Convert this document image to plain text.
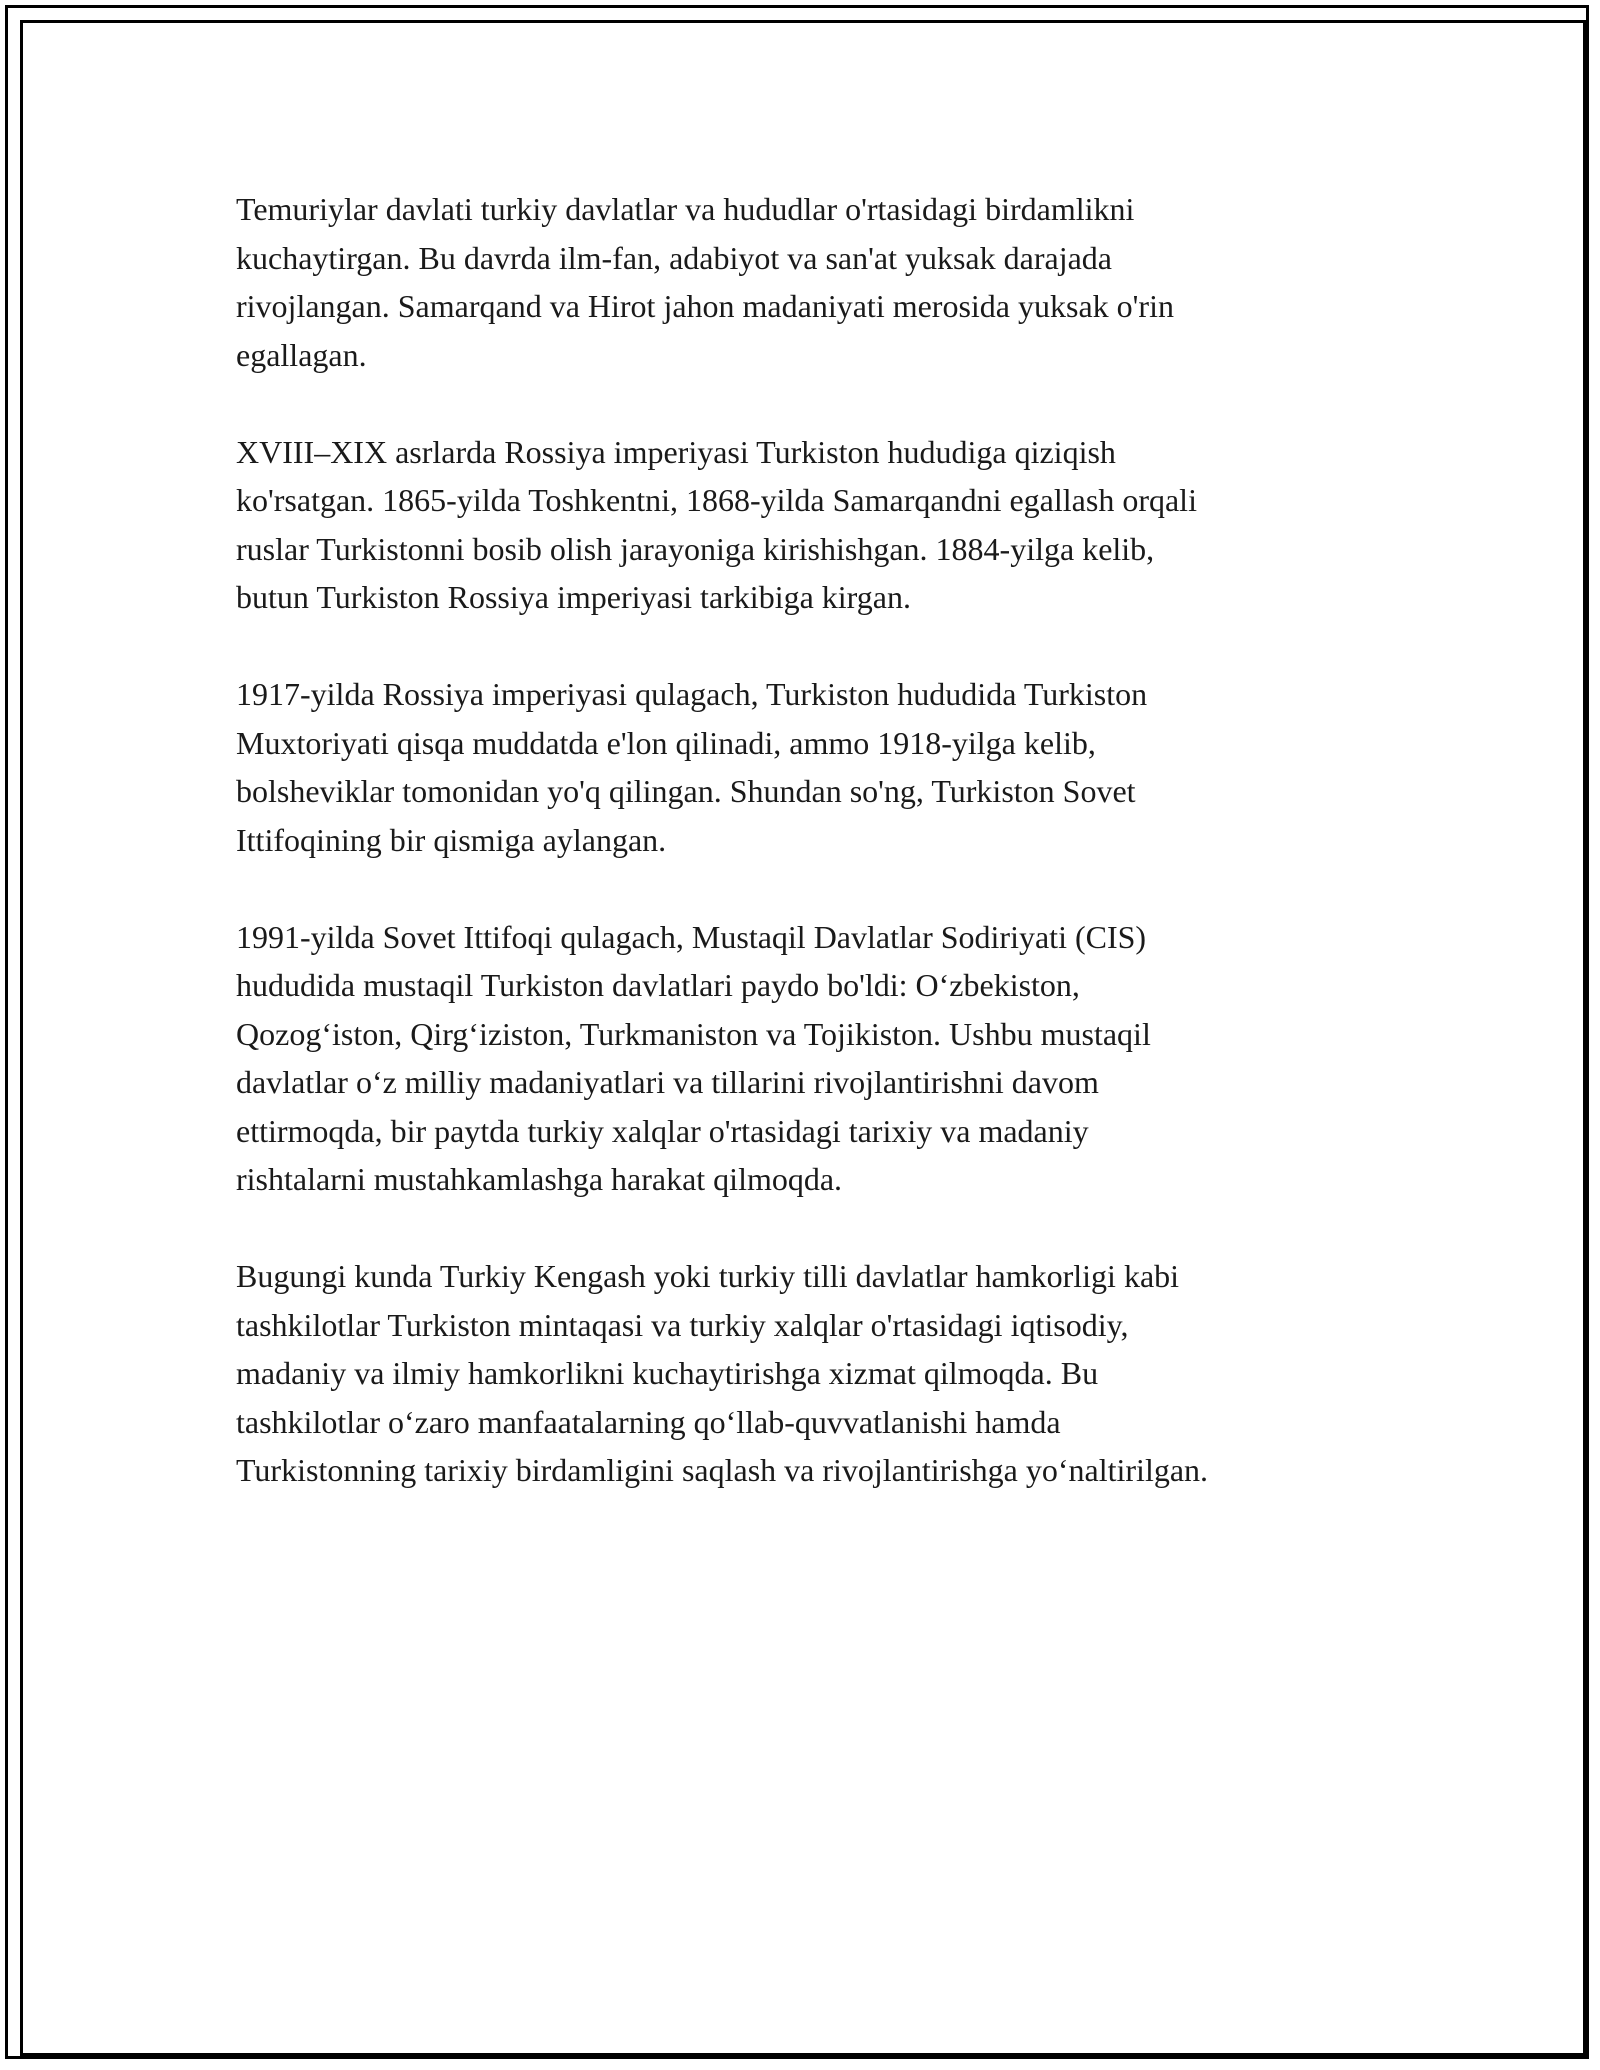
Temuriylar davlati turkiy davlatlar va hududlar o'rtasidagi birdamlikni
kuchaytirgan. Bu davrda ilm-fan, adabiyot va san'at yuksak darajada
rivojlangan. Samarqand va Hirot jahon madaniyati merosida yuksak o'rin
egallagan.

XVIII–XIX asrlarda Rossiya imperiyasi Turkiston hududiga qiziqish
ko'rsatgan. 1865-yilda Toshkentni, 1868-yilda Samarqandni egallash orqali
ruslar Turkistonni bosib olish jarayoniga kirishishgan. 1884-yilga kelib,
butun Turkiston Rossiya imperiyasi tarkibiga kirgan.

1917-yilda Rossiya imperiyasi qulagach, Turkiston hududida Turkiston
Muxtoriyati qisqa muddatda e'lon qilinadi, ammo 1918-yilga kelib,
bolsheviklar tomonidan yo'q qilingan. Shundan so'ng, Turkiston Sovet
Ittifoqining bir qismiga aylangan.

1991-yilda Sovet Ittifoqi qulagach, Mustaqil Davlatlar Sodiriyati (CIS)
hududida mustaqil Turkiston davlatlari paydo bo'ldi: O‘zbekiston,
Qozog‘iston, Qirg‘iziston, Turkmaniston va Tojikiston. Ushbu mustaqil
davlatlar o‘z milliy madaniyatlari va tillarini rivojlantirishni davom
ettirmoqda, bir paytda turkiy xalqlar o'rtasidagi tarixiy va madaniy
rishtalarni mustahkamlashga harakat qilmoqda.

Bugungi kunda Turkiy Kengash yoki turkiy tilli davlatlar hamkorligi kabi
tashkilotlar Turkiston mintaqasi va turkiy xalqlar o'rtasidagi iqtisodiy,
madaniy va ilmiy hamkorlikni kuchaytirishga xizmat qilmoqda. Bu
tashkilotlar o‘zaro manfaatalarning qo‘llab-quvvatlanishi hamda
Turkistonning tarixiy birdamligini saqlash va rivojlantirishga yo‘naltirilgan.
